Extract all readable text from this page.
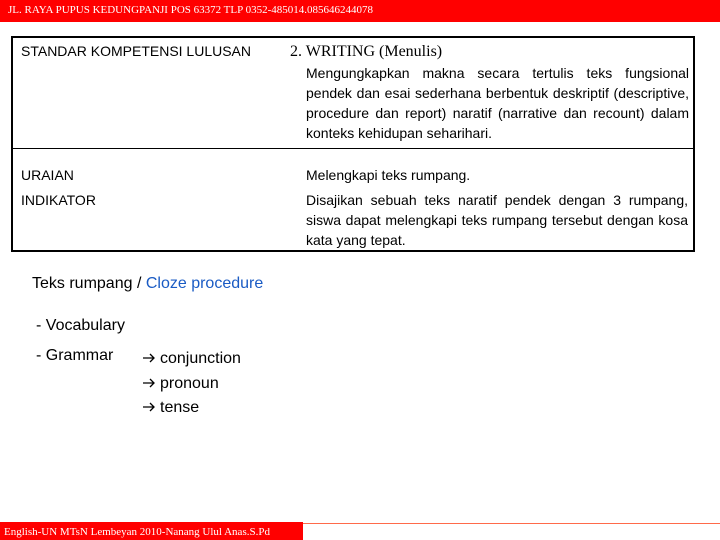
JL. RAYA PUPUS KEDUNGPANJI POS 63372 TLP 0352-485014.085646244078
STANDAR KOMPETENSI LULUSAN	2. WRITING (Menulis)
Mengungkapkan makna secara tertulis teks fungsional pendek dan esai sederhana berbentuk deskriptif (descriptive, procedure dan report) naratif (narrative dan recount) dalam konteks kehidupan seharihari.

URAIAN	Melengkapi teks rumpang.
INDIKATOR	Disajikan sebuah teks naratif pendek dengan 3 rumpang, siswa dapat melengkapi teks rumpang tersebut dengan kosa kata yang tepat.
Teks rumpang / Cloze procedure
- Vocabulary
- Grammar	conjunction
pronoun
tense
English-UN MTsN Lembeyan 2010-Nanang Ulul Anas.S.Pd
